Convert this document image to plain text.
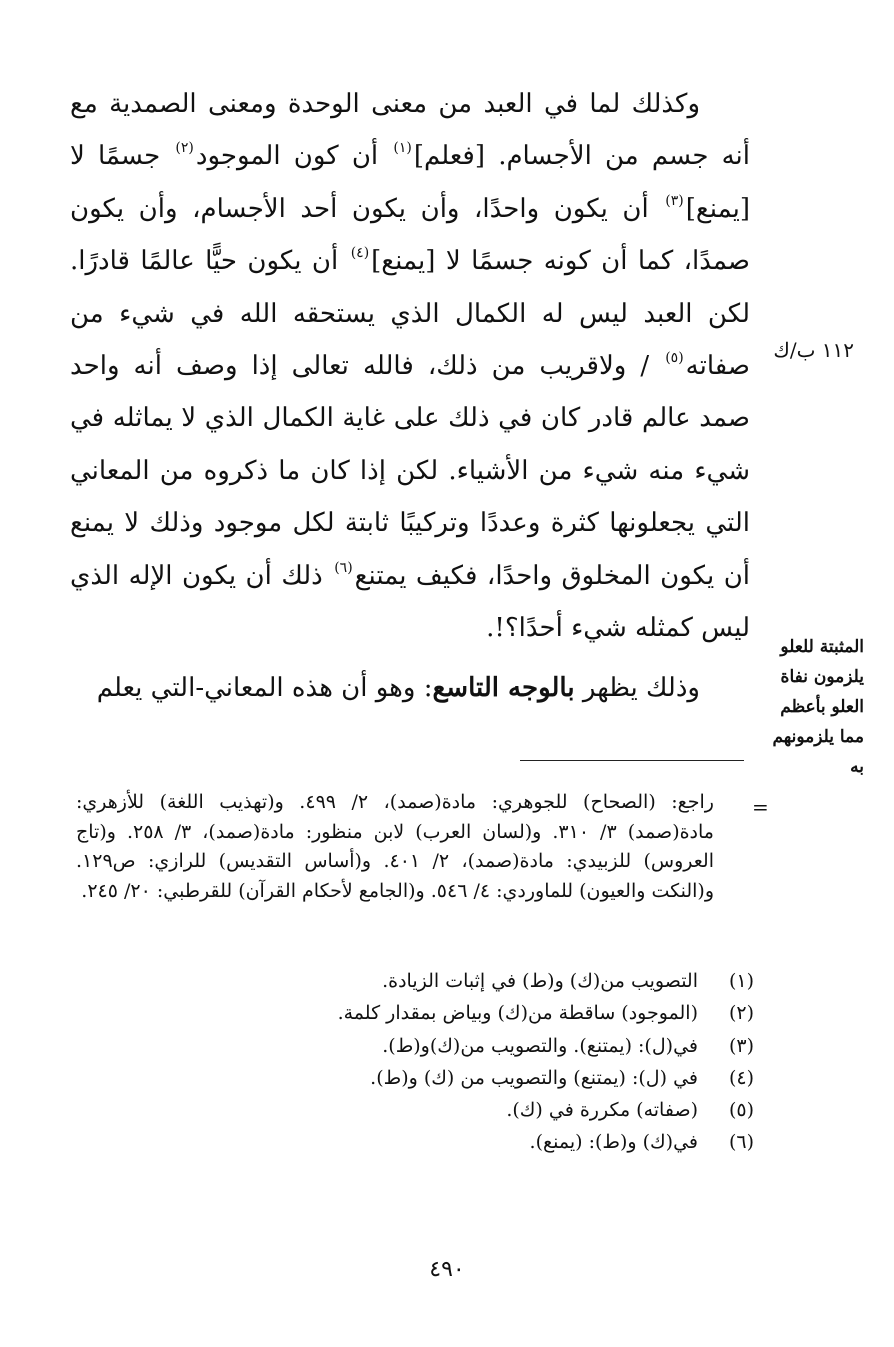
وكذلك لما في العبد من معنى الوحدة ومعنى الصمدية مع أنه جسم من الأجسام. [فعلم]$^{(١)}$ أن كون الموجود$^{(٢)}$ جسمًا لا [يمنع]$^{(٣)}$ أن يكون واحدًا، وأن يكون أحد الأجسام، وأن يكون صمدًا، كما أن كونه جسمًا لا [يمنع]$^{(٤)}$ أن يكون حيًّا عالمًا قادرًا. لكن العبد ليس له الكمال الذي يستحقه الله في شيء من صفاته$^{(٥)}$ / ولاقريب من ذلك، فالله تعالى إذا وصف أنه واحد صمد عالم قادر كان في ذلك على غاية الكمال الذي لا يماثله في شيء منه شيء من الأشياء. لكن إذا كان ما ذكروه من المعاني التي يجعلونها كثرة وعددًا وتركيبًا ثابتة لكل موجود وذلك لا يمنع أن يكون المخلوق واحدًا، فكيف يمتنع$^{(٦)}$ ذلك أن يكون الإله الذي ليس كمثله شيء أحدًا؟!.

وذلك يظهر بالوجه التاسع: وهو أن هذه المعاني-التي يعلم

١١٢ ب/ك
المثبتة للعلو يلزمون نفاة العلو بأعظم مما يلزمونهم به
=
راجع: (الصحاح) للجوهري: مادة(صمد)، ٢/ ٤٩٩. و(تهذيب اللغة) للأزهري: مادة(صمد) ٣/ ٣١٠. و(لسان العرب) لابن منظور: مادة(صمد)، ٣/ ٢٥٨. و(تاج العروس) للزبيدي: مادة(صمد)، ٢/ ٤٠١. و(أساس التقديس) للرازي: ص١٢٩. و(النكت والعيون) للماوردي: ٤/ ٥٤٦. و(الجامع لأحكام القرآن) للقرطبي: ٢٠/ ٢٤٥.
(١)التصويب من(ك) و(ط) في إثبات الزيادة.
(٢)(الموجود) ساقطة من(ك) وبياض بمقدار كلمة.
(٣)في(ل): (يمتنع). والتصويب من(ك)و(ط).
(٤)في (ل): (يمتنع) والتصويب من (ك) و(ط).
(٥)(صفاته) مكررة في (ك).
(٦)في(ك) و(ط): (يمنع).
٤٩٠
